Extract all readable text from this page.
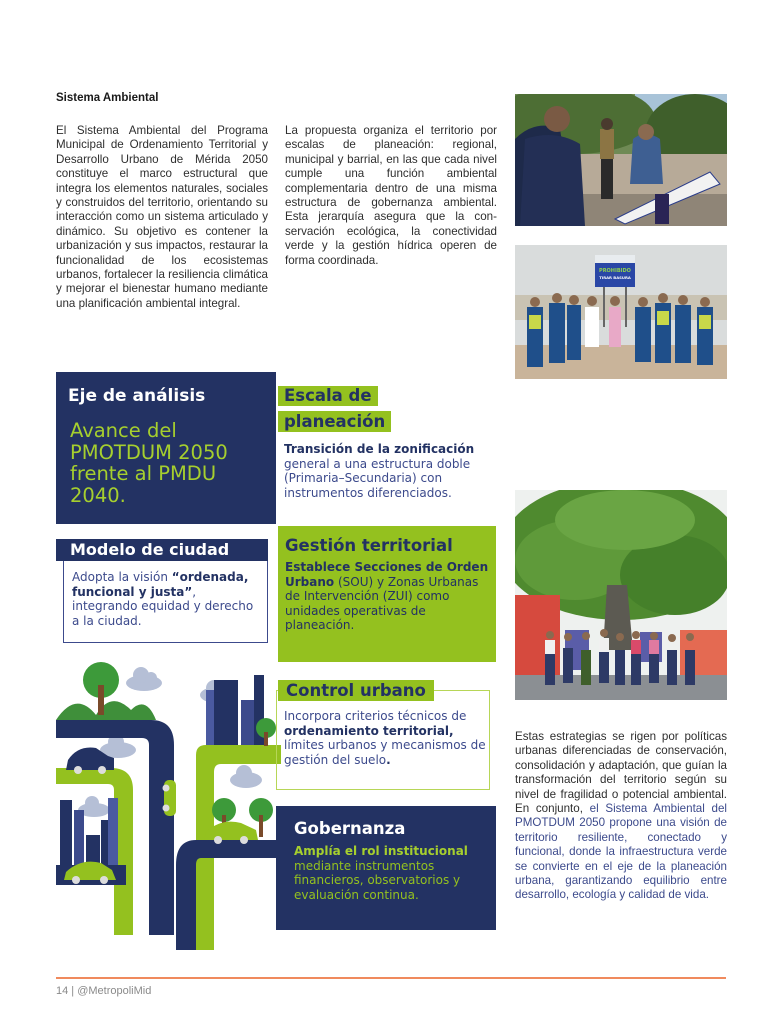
Sistema Ambiental

El Sistema Ambiental del Programa Municipal de Ordenamiento Territorial y Desarrollo Urbano de Mérida 2050 constituye el marco estructural que integra los elementos naturales, sociales y construidos del territorio, orientando su interacción como un sistema articulado y dinámico. Su objetivo es contener la urbanización y sus impactos, restaurar la funcionalidad de los ecosistemas urbanos, fortalecer la resiliencia climática y mejorar el bienestar humano mediante una planificación ambiental integral.

La propuesta organiza el territorio por escalas de planeación: regional, municipal y barrial, en las que cada nivel cumple una función ambiental complementaria dentro de una misma estructura de gobernanza ambiental. Esta jerarquía asegura que la conservación ecológica, la conectividad verde y la gestión hídrica operen de forma coordinada.

PROHIBIDO
TIRAR BASURA
Eje de análisis
Avance del PMOTDUM 2050 frente al PMDU 2040.
Escala de
planeación
Transición de la zonificación general a una estructura doble (Primaria–Secundaria) con instrumentos diferenciados.
Gestión territorial
Establece Secciones de Orden Urbano (SOU) y Zonas Urbanas de Intervención (ZUI) como unidades operativas de planeación.
Modelo de ciudad
Adopta la visión “ordenada, funcional y justa”, integrando equidad y derecho a la ciudad.
Control urbano
Incorpora criterios técnicos de ordenamiento territorial, límites urbanos y mecanismos de gestión del suelo.
Gobernanza
Amplía el rol institucional mediante instrumentos financieros, observatorios y evaluación continua.

Estas estrategias se rigen por políticas urbanas diferenciadas de conservación, consolidación y adaptación, que guían la transformación del territorio según su nivel de fragilidad o potencial ambiental. En conjunto, el Sistema Ambiental del PMOTDUM 2050 propone una visión de territorio resiliente, conectado y funcional, donde la infraestructura verde se convierte en el eje de la planeación urbana, garantizando equilibrio entre desarrollo, ecología y calidad de vida.

14 | @MetropoliMid
